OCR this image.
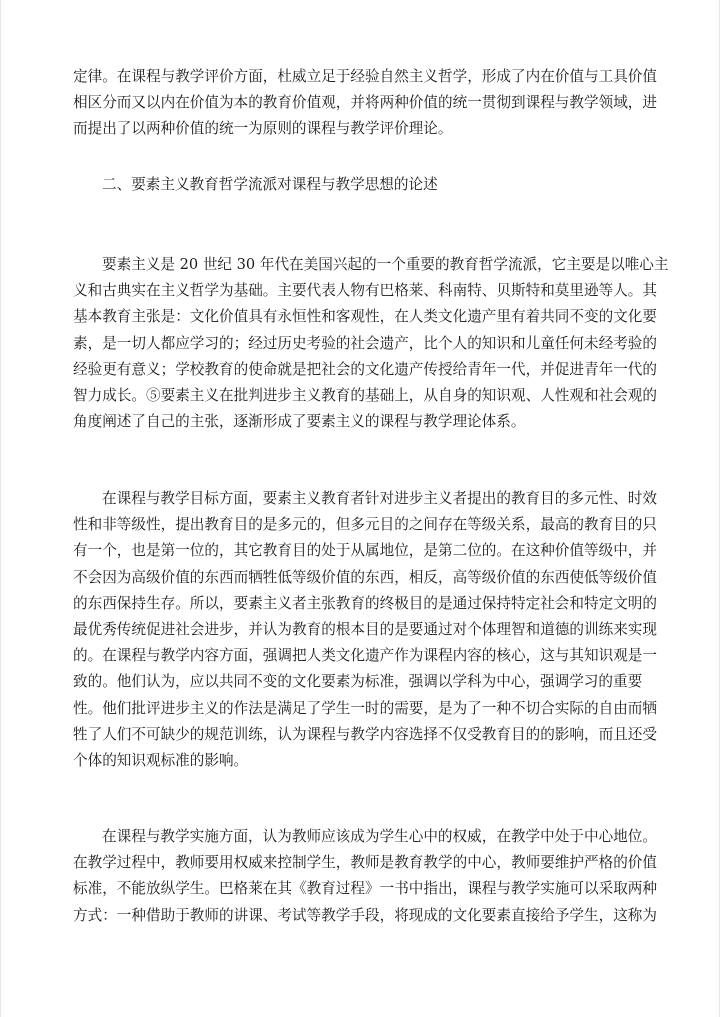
定律。在课程与教学评价方面，杜威立足于经验自然主义哲学，形成了内在价值与工具价值
相区分而又以内在价值为本的教育价值观，并将两种价值的统一贯彻到课程与教学领域，进
而提出了以两种价值的统一为原则的课程与教学评价理论。
二、要素主义教育哲学流派对课程与教学思想的论述
要素主义是 20 世纪 30 年代在美国兴起的一个重要的教育哲学流派，它主要是以唯心主
义和古典实在主义哲学为基础。主要代表人物有巴格莱、科南特、贝斯特和莫里逊等人。其
基本教育主张是：文化价值具有永恒性和客观性，在人类文化遗产里有着共同不变的文化要
素，是一切人都应学习的；经过历史考验的社会遗产，比个人的知识和儿童任何未经考验的
经验更有意义；学校教育的使命就是把社会的文化遗产传授给青年一代，并促进青年一代的
智力成长。⑤要素主义在批判进步主义教育的基础上，从自身的知识观、人性观和社会观的
角度阐述了自己的主张，逐渐形成了要素主义的课程与教学理论体系。
在课程与教学目标方面，要素主义教育者针对进步主义者提出的教育目的多元性、时效
性和非等级性，提出教育目的是多元的，但多元目的之间存在等级关系，最高的教育目的只
有一个，也是第一位的，其它教育目的处于从属地位，是第二位的。在这种价值等级中，并
不会因为高级价值的东西而牺牲低等级价值的东西，相反，高等级价值的东西使低等级价值
的东西保持生存。所以，要素主义者主张教育的终极目的是通过保持特定社会和特定文明的
最优秀传统促进社会进步，并认为教育的根本目的是要通过对个体理智和道德的训练来实现
的。在课程与教学内容方面，强调把人类文化遗产作为课程内容的核心，这与其知识观是一
致的。他们认为，应以共同不变的文化要素为标准，强调以学科为中心，强调学习的重要
性。他们批评进步主义的作法是满足了学生一时的需要，是为了一种不切合实际的自由而牺
牲了人们不可缺少的规范训练，认为课程与教学内容选择不仅受教育目的的影响，而且还受
个体的知识观标准的影响。
在课程与教学实施方面，认为教师应该成为学生心中的权威，在教学中处于中心地位。
在教学过程中，教师要用权威来控制学生，教师是教育教学的中心，教师要维护严格的价值
标准，不能放纵学生。巴格莱在其《教育过程》一书中指出，课程与教学实施可以采取两种
方式：一种借助于教师的讲课、考试等教学手段，将现成的文化要素直接给予学生，这称为
